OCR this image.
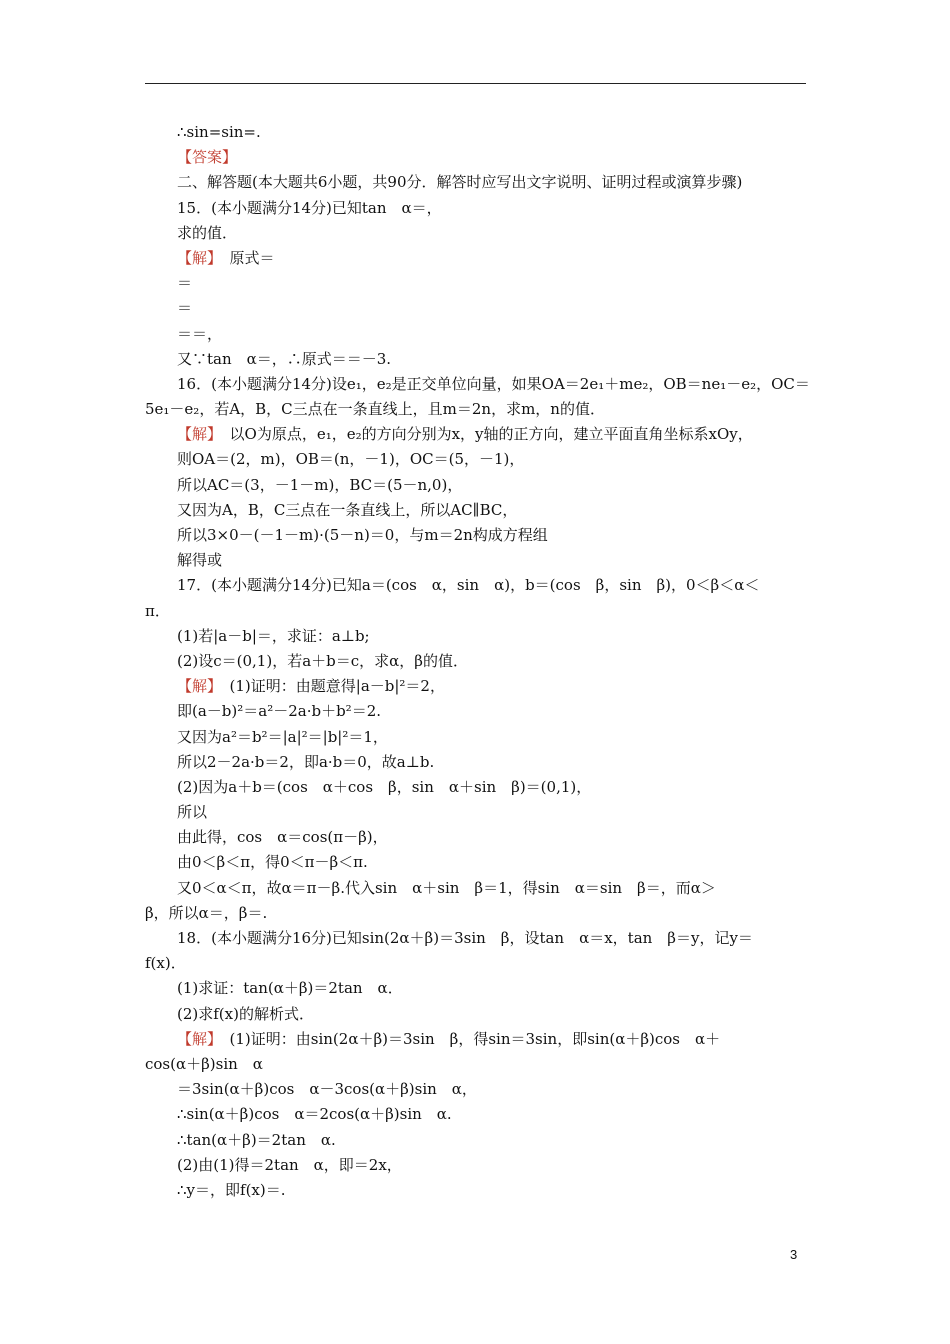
∴sin=sin=.
【答案】
二、解答题(本大题共6小题，共90分．解答时应写出文字说明、证明过程或演算步骤)
15．(本小题满分14分)已知tan　α＝，
求的值．
【解】　原式＝
＝
＝
＝＝，
又∵tan　α＝，∴原式＝＝－3.
16．(本小题满分14分)设e₁，e₂是正交单位向量，如果OA＝2e₁＋me₂，OB＝ne₁－e₂，OC＝
5e₁－e₂，若A，B，C三点在一条直线上，且m＝2n，求m，n的值．
【解】　以O为原点，e₁，e₂的方向分别为x，y轴的正方向，建立平面直角坐标系xOy，
则OA＝(2，m)，OB＝(n，－1)，OC＝(5，－1)，
所以AC＝(3，－1－m)，BC＝(5－n,0)，
又因为A，B，C三点在一条直线上，所以AC∥BC，
所以3×0－(－1－m)·(5－n)＝0，与m＝2n构成方程组
解得或
17．(本小题满分14分)已知a＝(cos　α，sin　α)，b＝(cos　β，sin　β)，0＜β＜α＜
π．
(1)若|a－b|＝，求证：a⊥b;
(2)设c＝(0,1)，若a＋b＝c，求α，β的值．
【解】　(1)证明：由题意得|a－b|²＝2，
即(a－b)²＝a²－2a·b＋b²＝2.
又因为a²＝b²＝|a|²＝|b|²＝1，
所以2－2a·b＝2，即a·b＝0，故a⊥b.
(2)因为a＋b＝(cos　α＋cos　β，sin　α＋sin　β)＝(0,1)，
所以
由此得，cos　α＝cos(π－β)，
由0＜β＜π，得0＜π－β＜π.
又0＜α＜π，故α＝π－β.代入sin　α＋sin　β＝1，得sin　α＝sin　β＝，而α＞
β，所以α＝，β＝.
18．(本小题满分16分)已知sin(2α＋β)＝3sin　β，设tan　α＝x，tan　β＝y，记y＝
f(x)．
(1)求证：tan(α＋β)＝2tan　α．
(2)求f(x)的解析式．
【解】　(1)证明：由sin(2α＋β)＝3sin　β，得sin＝3sin，即sin(α＋β)cos　α＋
cos(α＋β)sin　α
＝3sin(α＋β)cos　α－3cos(α＋β)sin　α，
∴sin(α＋β)cos　α＝2cos(α＋β)sin　α.
∴tan(α＋β)＝2tan　α.
(2)由(1)得＝2tan　α，即＝2x，
∴y＝，即f(x)＝.
3
